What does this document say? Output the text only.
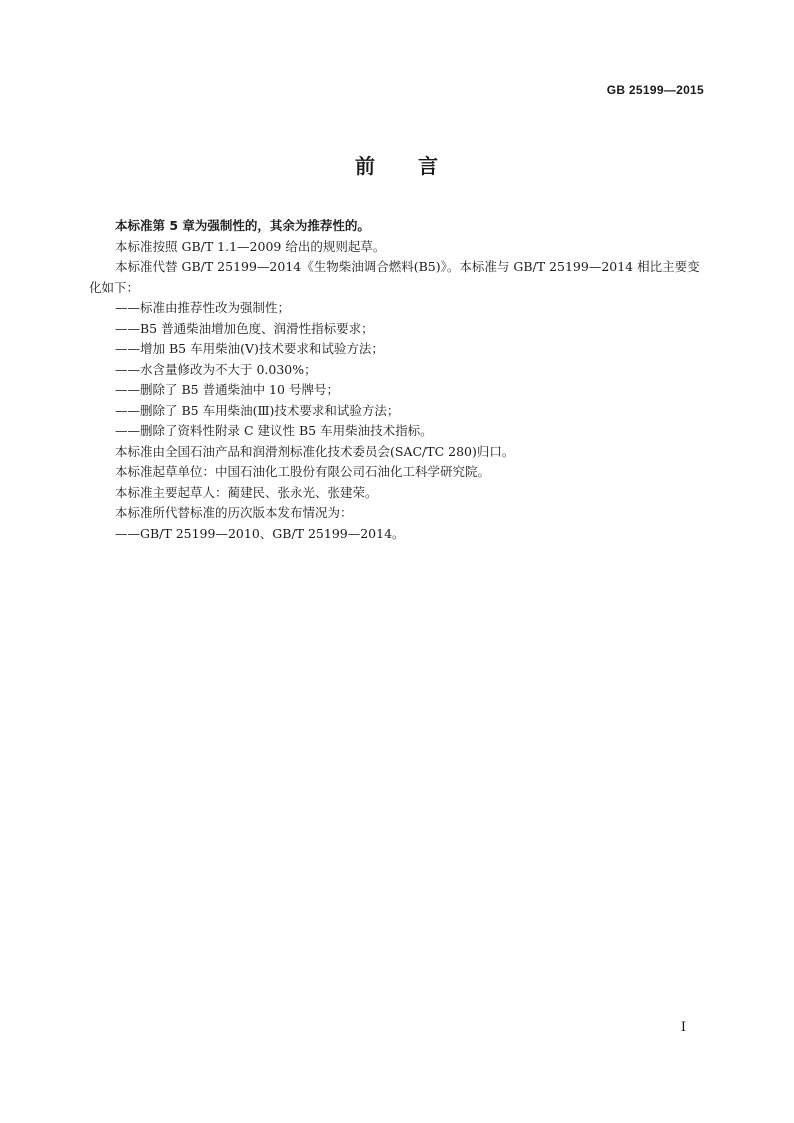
GB 25199—2015
前　　言

本标准第 5 章为强制性的，其余为推荐性的。

本标准按照 GB/T 1.1—2009 给出的规则起草。

本标准代替 GB/T 25199—2014《生物柴油调合燃料(B5)》。本标准与 GB/T 25199—2014 相比主要变化如下：

——标准由推荐性改为强制性；

——B5 普通柴油增加色度、润滑性指标要求；

——增加 B5 车用柴油(Ⅴ)技术要求和试验方法；

——水含量修改为不大于 0.030%；

——删除了 B5 普通柴油中 10 号牌号；

——删除了 B5 车用柴油(Ⅲ)技术要求和试验方法；

——删除了资料性附录 C 建议性 B5 车用柴油技术指标。

本标准由全国石油产品和润滑剂标准化技术委员会(SAC/TC 280)归口。

本标准起草单位：中国石油化工股份有限公司石油化工科学研究院。

本标准主要起草人：蔺建民、张永光、张建荣。

本标准所代替标准的历次版本发布情况为：

——GB/T 25199—2010、GB/T 25199—2014。

I
